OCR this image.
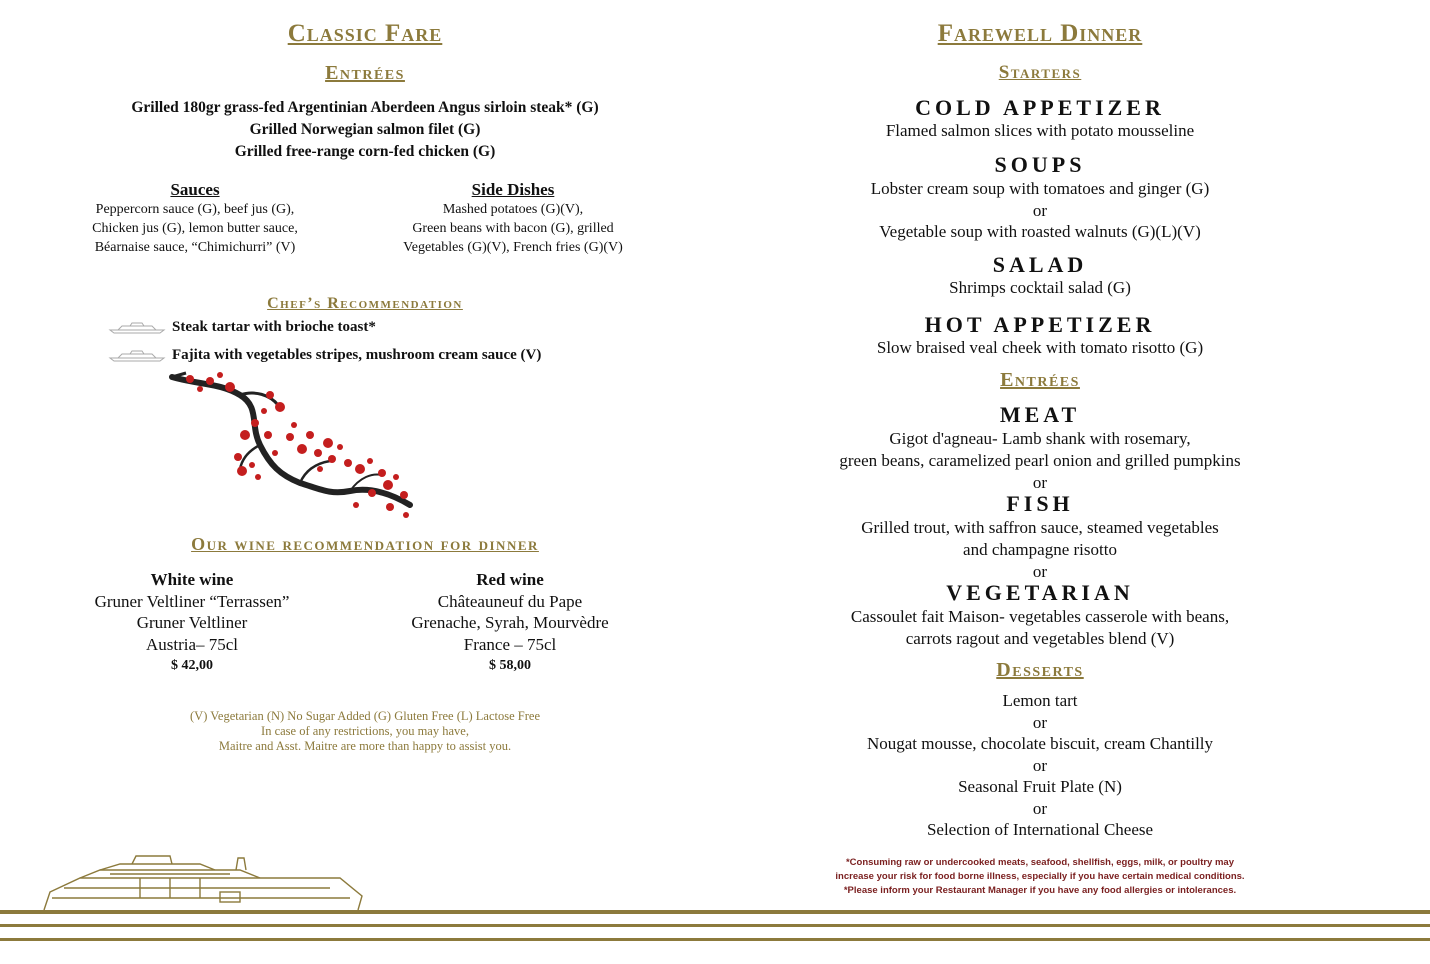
Classic Fare
Entrées
Grilled 180gr grass-fed Argentinian Aberdeen Angus sirloin steak* (G)
Grilled Norwegian salmon filet (G)
Grilled free-range corn-fed chicken (G)
Sauces
Peppercorn sauce (G), beef jus (G),
Chicken jus (G), lemon butter sauce,
Béarnaise sauce, “Chimichurri” (V)
Side Dishes
Mashed potatoes (G)(V),
Green beans with bacon (G), grilled
Vegetables (G)(V), French fries (G)(V)
Chef’s Recommendation
Steak tartar with brioche toast*
Fajita with vegetables stripes, mushroom cream sauce (V)
Our wine recommendation for dinner
White wine
Gruner Veltliner “Terrassen”
Gruner Veltliner
Austria– 75cl
$ 42,00
Red wine
Châteauneuf du Pape
Grenache, Syrah, Mourvèdre
France – 75cl
$ 58,00
(V) Vegetarian (N) No Sugar Added (G) Gluten Free (L) Lactose Free
In case of any restrictions, you may have,
Maitre and Asst. Maitre are more than happy to assist you.
Farewell Dinner
Starters
COLD APPETIZER
Flamed salmon slices with potato mousseline
SOUPS
Lobster cream soup with tomatoes and ginger (G)
or
Vegetable soup with roasted walnuts (G)(L)(V)
SALAD
Shrimps cocktail salad (G)
HOT APPETIZER
Slow braised veal cheek with tomato risotto (G)
Entrées
MEAT
Gigot d'agneau- Lamb shank with rosemary,
green beans, caramelized pearl onion and grilled pumpkins
or
FISH
Grilled trout, with saffron sauce, steamed vegetables
and champagne risotto
or
VEGETARIAN
Cassoulet fait Maison- vegetables casserole with beans,
carrots ragout and vegetables blend (V)
Desserts
Lemon tart
or
Nougat mousse, chocolate biscuit, cream Chantilly
or
Seasonal Fruit Plate (N)
or
Selection of International Cheese
*Consuming raw or undercooked meats, seafood, shellfish, eggs, milk, or poultry may
increase your risk for food borne illness, especially if you have certain medical conditions.
*Please inform your Restaurant Manager if you have any food allergies or intolerances.
